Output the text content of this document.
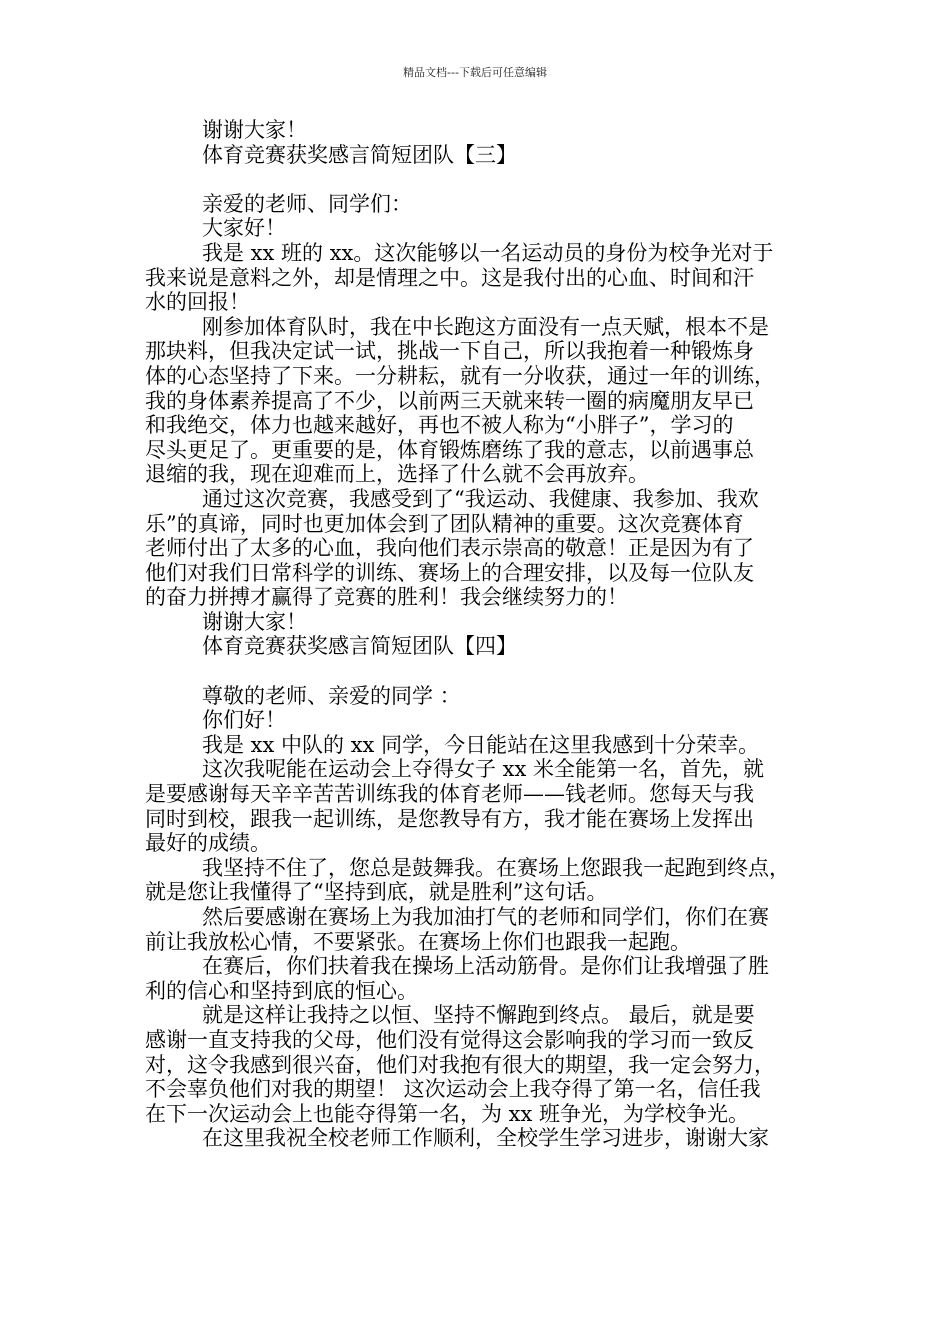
精品文档---下载后可任意编辑
谢谢大家！
体育竞赛获奖感言简短团队【三】
亲爱的老师、同学们：
大家好！
我是 xx 班的 xx。这次能够以一名运动员的身份为校争光对于
我来说是意料之外，却是情理之中。这是我付出的心血、时间和汗
水的回报！
刚参加体育队时，我在中长跑这方面没有一点天赋，根本不是
那块料，但我决定试一试，挑战一下自己，所以我抱着一种锻炼身
体的心态坚持了下来。一分耕耘，就有一分收获，通过一年的训练，
我的身体素养提高了不少，以前两三天就来转一圈的病魔朋友早已
和我绝交，体力也越来越好，再也不被人称为“小胖子”，学习的
尽头更足了。更重要的是，体育锻炼磨练了我的意志，以前遇事总
退缩的我，现在迎难而上，选择了什么就不会再放弃。
通过这次竞赛，我感受到了“我运动、我健康、我参加、我欢
乐”的真谛，同时也更加体会到了团队精神的重要。这次竞赛体育
老师付出了太多的心血，我向他们表示崇高的敬意！正是因为有了
他们对我们日常科学的训练、赛场上的合理安排，以及每一位队友
的奋力拼搏才赢得了竞赛的胜利！我会继续努力的！
谢谢大家！
体育竞赛获奖感言简短团队【四】
尊敬的老师、亲爱的同学 ：
你们好！
我是 xx 中队的 xx 同学，今日能站在这里我感到十分荣幸。
这次我呢能在运动会上夺得女子 xx 米全能第一名，首先，就
是要感谢每天辛辛苦苦训练我的体育老师——钱老师。您每天与我
同时到校，跟我一起训练，是您教导有方，我才能在赛场上发挥出
最好的成绩。
我坚持不住了，您总是鼓舞我。在赛场上您跟我一起跑到终点，
就是您让我懂得了“坚持到底，就是胜利”这句话。
然后要感谢在赛场上为我加油打气的老师和同学们，你们在赛
前让我放松心情，不要紧张。在赛场上你们也跟我一起跑。
在赛后，你们扶着我在操场上活动筋骨。是你们让我增强了胜
利的信心和坚持到底的恒心。
就是这样让我持之以恒、坚持不懈跑到终点。 最后，就是要
感谢一直支持我的父母，他们没有觉得这会影响我的学习而一致反
对，这令我感到很兴奋，他们对我抱有很大的期望，我一定会努力，
不会辜负他们对我的期望！ 这次运动会上我夺得了第一名，信任我
在下一次运动会上也能夺得第一名，为 xx 班争光，为学校争光。
在这里我祝全校老师工作顺利，全校学生学习进步，谢谢大家
